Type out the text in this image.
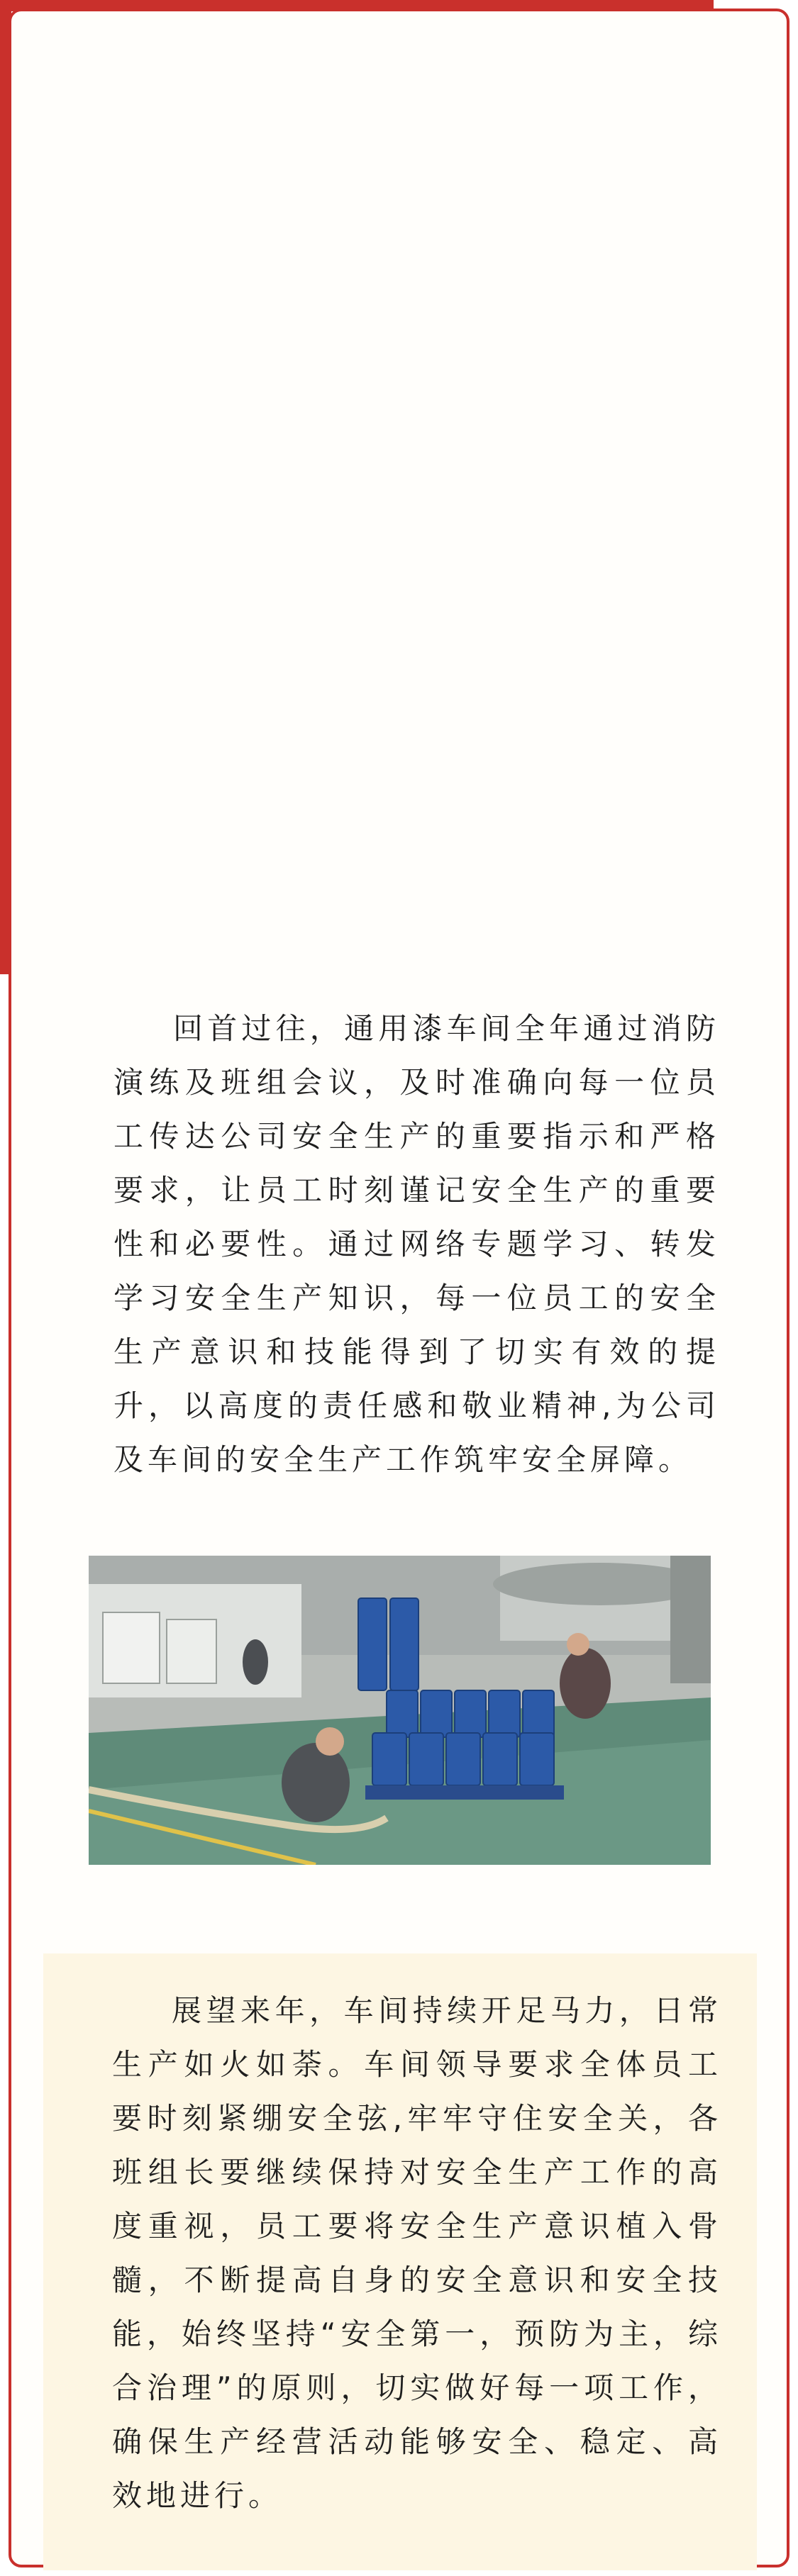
回首过往，通用漆车间全年通过消防演练及班组会议，及时准确向每一位员工传达公司安全生产的重要指示和严格要求，让员工时刻谨记安全生产的重要性和必要性。通过网络专题学习、转发学习安全生产知识，每一位员工的安全生产意识和技能得到了切实有效的提升，以高度的责任感和敬业精神,为公司及车间的安全生产工作筑牢安全屏障。

展望来年，车间持续开足马力，日常生产如火如荼。车间领导要求全体员工要时刻紧绷安全弦,牢牢守住安全关，各班组长要继续保持对安全生产工作的高度重视，员工要将安全生产意识植入骨髓，不断提高自身的安全意识和安全技能，始终坚持“安全第一，预防为主，综合治理”的原则，切实做好每一项工作，确保生产经营活动能够安全、稳定、高效地进行。
